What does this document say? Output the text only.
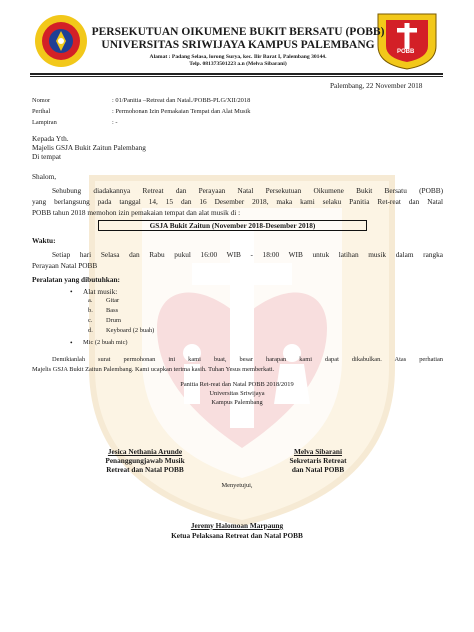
POBB
PERSEKUTUAN OIKUMENE BUKIT BERSATU (POBB)
UNIVERSITAS SRIWIJAYA KAMPUS PALEMBANG
Alamat : Padang Selasa, lorong Surya, kec. Ilir Barat I, Palembang 30144.
Telp. 081373501223 a.n (Melva Sibarani)
Palembang, 22 November 2018
Nomor	: 01/Panitia –Retreat dan Natal./POBB-PLG/XII/2018
Perihal	: Permohonan Izin Pemakaian Tempat dan Alat Musik
Lampiran	: -
Kepada Yth.
Majelis GSJA Bukit Zaitun Palembang
Di tempat
Shalom,
Sehubung diadakannya Retreat dan Perayaan Natal Persekutuan Oikumene Bukit Bersatu (POBB)
yang berlangsung pada tanggal 14, 15 dan 16 Desember 2018, maka kami selaku Panitia Ret-reat dan Natal
POBB tahun 2018 memohon izin pemakaian tempat dan alat musik di :
GSJA Bukit Zaitun (November 2018-Desember 2018)
Waktu:
Setiap hari Selasa dan Rabu pukul 16:00 WIB - 18:00 WIB untuk latihan musik dalam rangka
Perayaan Natal POBB
Peralatan yang dibutuhkan:
• Alat musik:
a. Gitar
b. Bass
c. Drum
d. Keyboard (2 buah)
• Mic (2 buah mic)
Demikianlah surat permohonan ini kami buat, besar harapan kami dapat dikabulkan. Atas perhatian
Majelis GSJA Bukit Zaitun Palembang. Kami ucapkan terima kasih. Tuhan Yesus memberkati.
Panitia Ret-reat dan Natal POBB 2018/2019
Universitas Sriwijaya
Kampus Palembang
Jesica Nethania Arunde
Penanggungjawab Musik
Retreat dan Natal POBB
Melva Sibarani
Sekretaris Retreat
dan Natal POBB
Menyetujui,
Jeremy Halomoan Marpaung
Ketua Pelaksana Retreat dan Natal POBB
